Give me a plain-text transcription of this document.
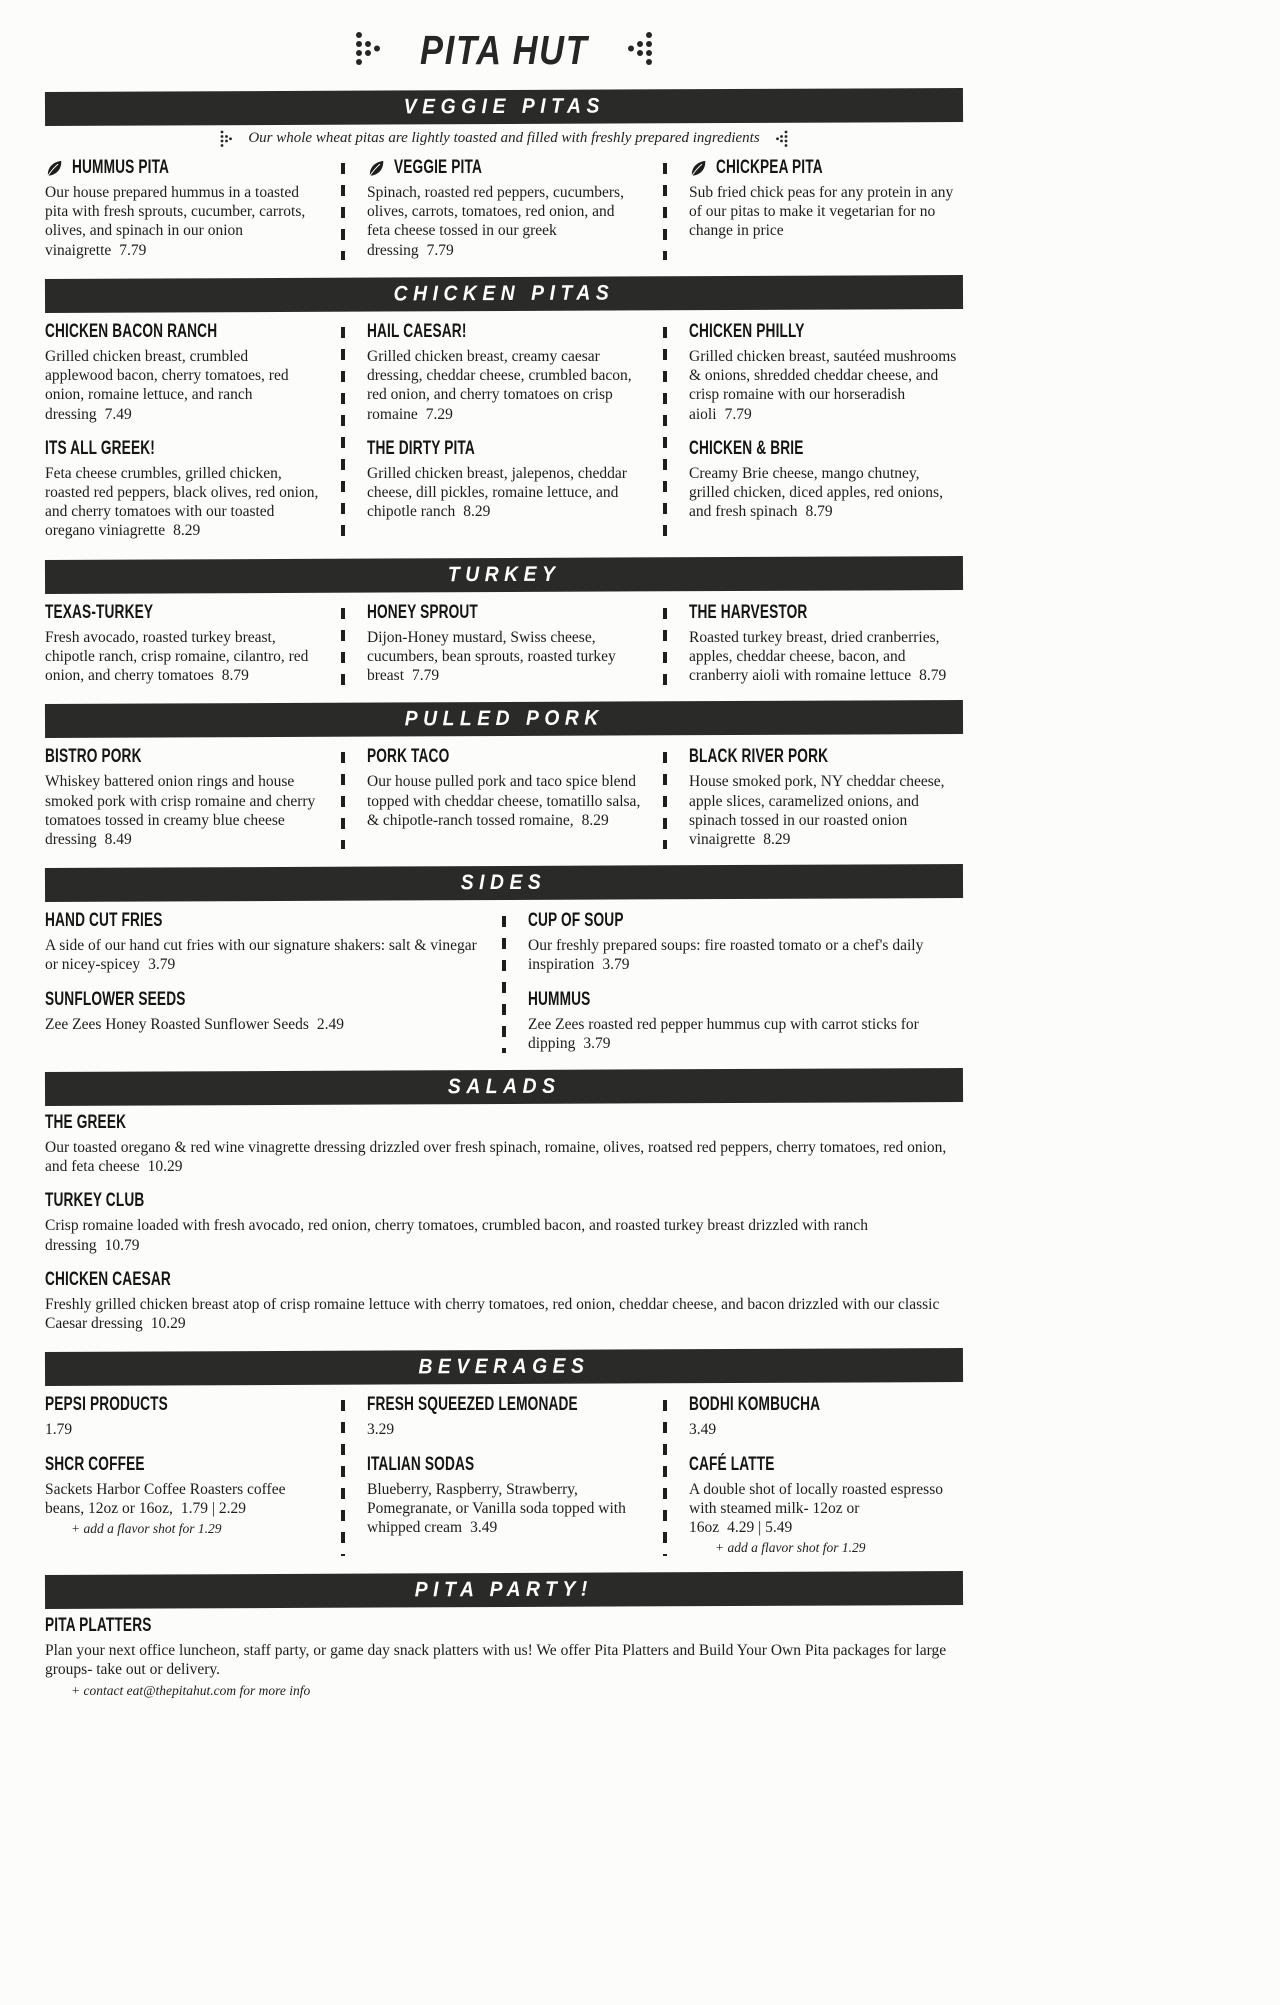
PITA HUT
VEGGIE PITAS
Our whole wheat pitas are lightly toasted and filled with freshly prepared ingredients
HUMMUS PITA

Our house prepared hummus in a toasted pita with fresh sprouts, cucumber, carrots, olives, and spinach in our onion vinaigrette 7.79

VEGGIE PITA

Spinach, roasted red peppers, cucumbers, olives, carrots, tomatoes, red onion, and feta cheese tossed in our greek dressing 7.79

CHICKPEA PITA

Sub fried chick peas for any protein in any of our pitas to make it vegetarian for no change in price

CHICKEN PITAS
CHICKEN BACON RANCH

Grilled chicken breast, crumbled applewood bacon, cherry tomatoes, red onion, romaine lettuce, and ranch dressing 7.49

ITS ALL GREEK!

Feta cheese crumbles, grilled chicken, roasted red peppers, black olives, red onion, and cherry tomatoes with our toasted oregano viniagrette 8.29

HAIL CAESAR!

Grilled chicken breast, creamy caesar dressing, cheddar cheese, crumbled bacon, red onion, and cherry tomatoes on crisp romaine 7.29

THE DIRTY PITA

Grilled chicken breast, jalepenos, cheddar cheese, dill pickles, romaine lettuce, and chipotle ranch 8.29

CHICKEN PHILLY

Grilled chicken breast, sautéed mushrooms & onions, shredded cheddar cheese, and crisp romaine with our horseradish aioli 7.79

CHICKEN & BRIE

Creamy Brie cheese, mango chutney, grilled chicken, diced apples, red onions, and fresh spinach 8.79

TURKEY
TEXAS-TURKEY

Fresh avocado, roasted turkey breast, chipotle ranch, crisp romaine, cilantro, red onion, and cherry tomatoes 8.79

HONEY SPROUT

Dijon-Honey mustard, Swiss cheese, cucumbers, bean sprouts, roasted turkey breast 7.79

THE HARVESTOR

Roasted turkey breast, dried cranberries, apples, cheddar cheese, bacon, and cranberry aioli with romaine lettuce 8.79

PULLED PORK
BISTRO PORK

Whiskey battered onion rings and house smoked pork with crisp romaine and cherry tomatoes tossed in creamy blue cheese dressing 8.49

PORK TACO

Our house pulled pork and taco spice blend topped with cheddar cheese, tomatillo salsa, & chipotle-ranch tossed romaine, 8.29

BLACK RIVER PORK

House smoked pork, NY cheddar cheese, apple slices, caramelized onions, and spinach tossed in our roasted onion vinaigrette 8.29

SIDES
HAND CUT FRIES

A side of our hand cut fries with our signature shakers: salt & vinegar or nicey-spicey 3.79

SUNFLOWER SEEDS

Zee Zees Honey Roasted Sunflower Seeds 2.49

CUP OF SOUP

Our freshly prepared soups: fire roasted tomato or a chef's daily inspiration 3.79

HUMMUS

Zee Zees roasted red pepper hummus cup with carrot sticks for dipping 3.79

SALADS
THE GREEK

Our toasted oregano & red wine vinagrette dressing drizzled over fresh spinach, romaine, olives, roatsed red peppers, cherry tomatoes, red onion, and feta cheese 10.29

TURKEY CLUB

Crisp romaine loaded with fresh avocado, red onion, cherry tomatoes, crumbled bacon, and roasted turkey breast drizzled with ranch dressing 10.79

CHICKEN CAESAR

Freshly grilled chicken breast atop of crisp romaine lettuce with cherry tomatoes, red onion, cheddar cheese, and bacon drizzled with our classic Caesar dressing 10.29

BEVERAGES
PEPSI PRODUCTS

1.79

SHCR COFFEE

Sackets Harbor Coffee Roasters coffee beans, 12oz or 16oz, 1.79 | 2.29

+ add a flavor shot for 1.29
FRESH SQUEEZED LEMONADE

3.29

ITALIAN SODAS

Blueberry, Raspberry, Strawberry, Pomegranate, or Vanilla soda topped with whipped cream 3.49

BODHI KOMBUCHA

3.49

CAFÉ LATTE

A double shot of locally roasted espresso with steamed milk- 12oz or 16oz 4.29 | 5.49

+ add a flavor shot for 1.29
PITA PARTY!
PITA PLATTERS

Plan your next office luncheon, staff party, or game day snack platters with us! We offer Pita Platters and Build Your Own Pita packages for large groups- take out or delivery.

+ contact eat@thepitahut.com for more info
